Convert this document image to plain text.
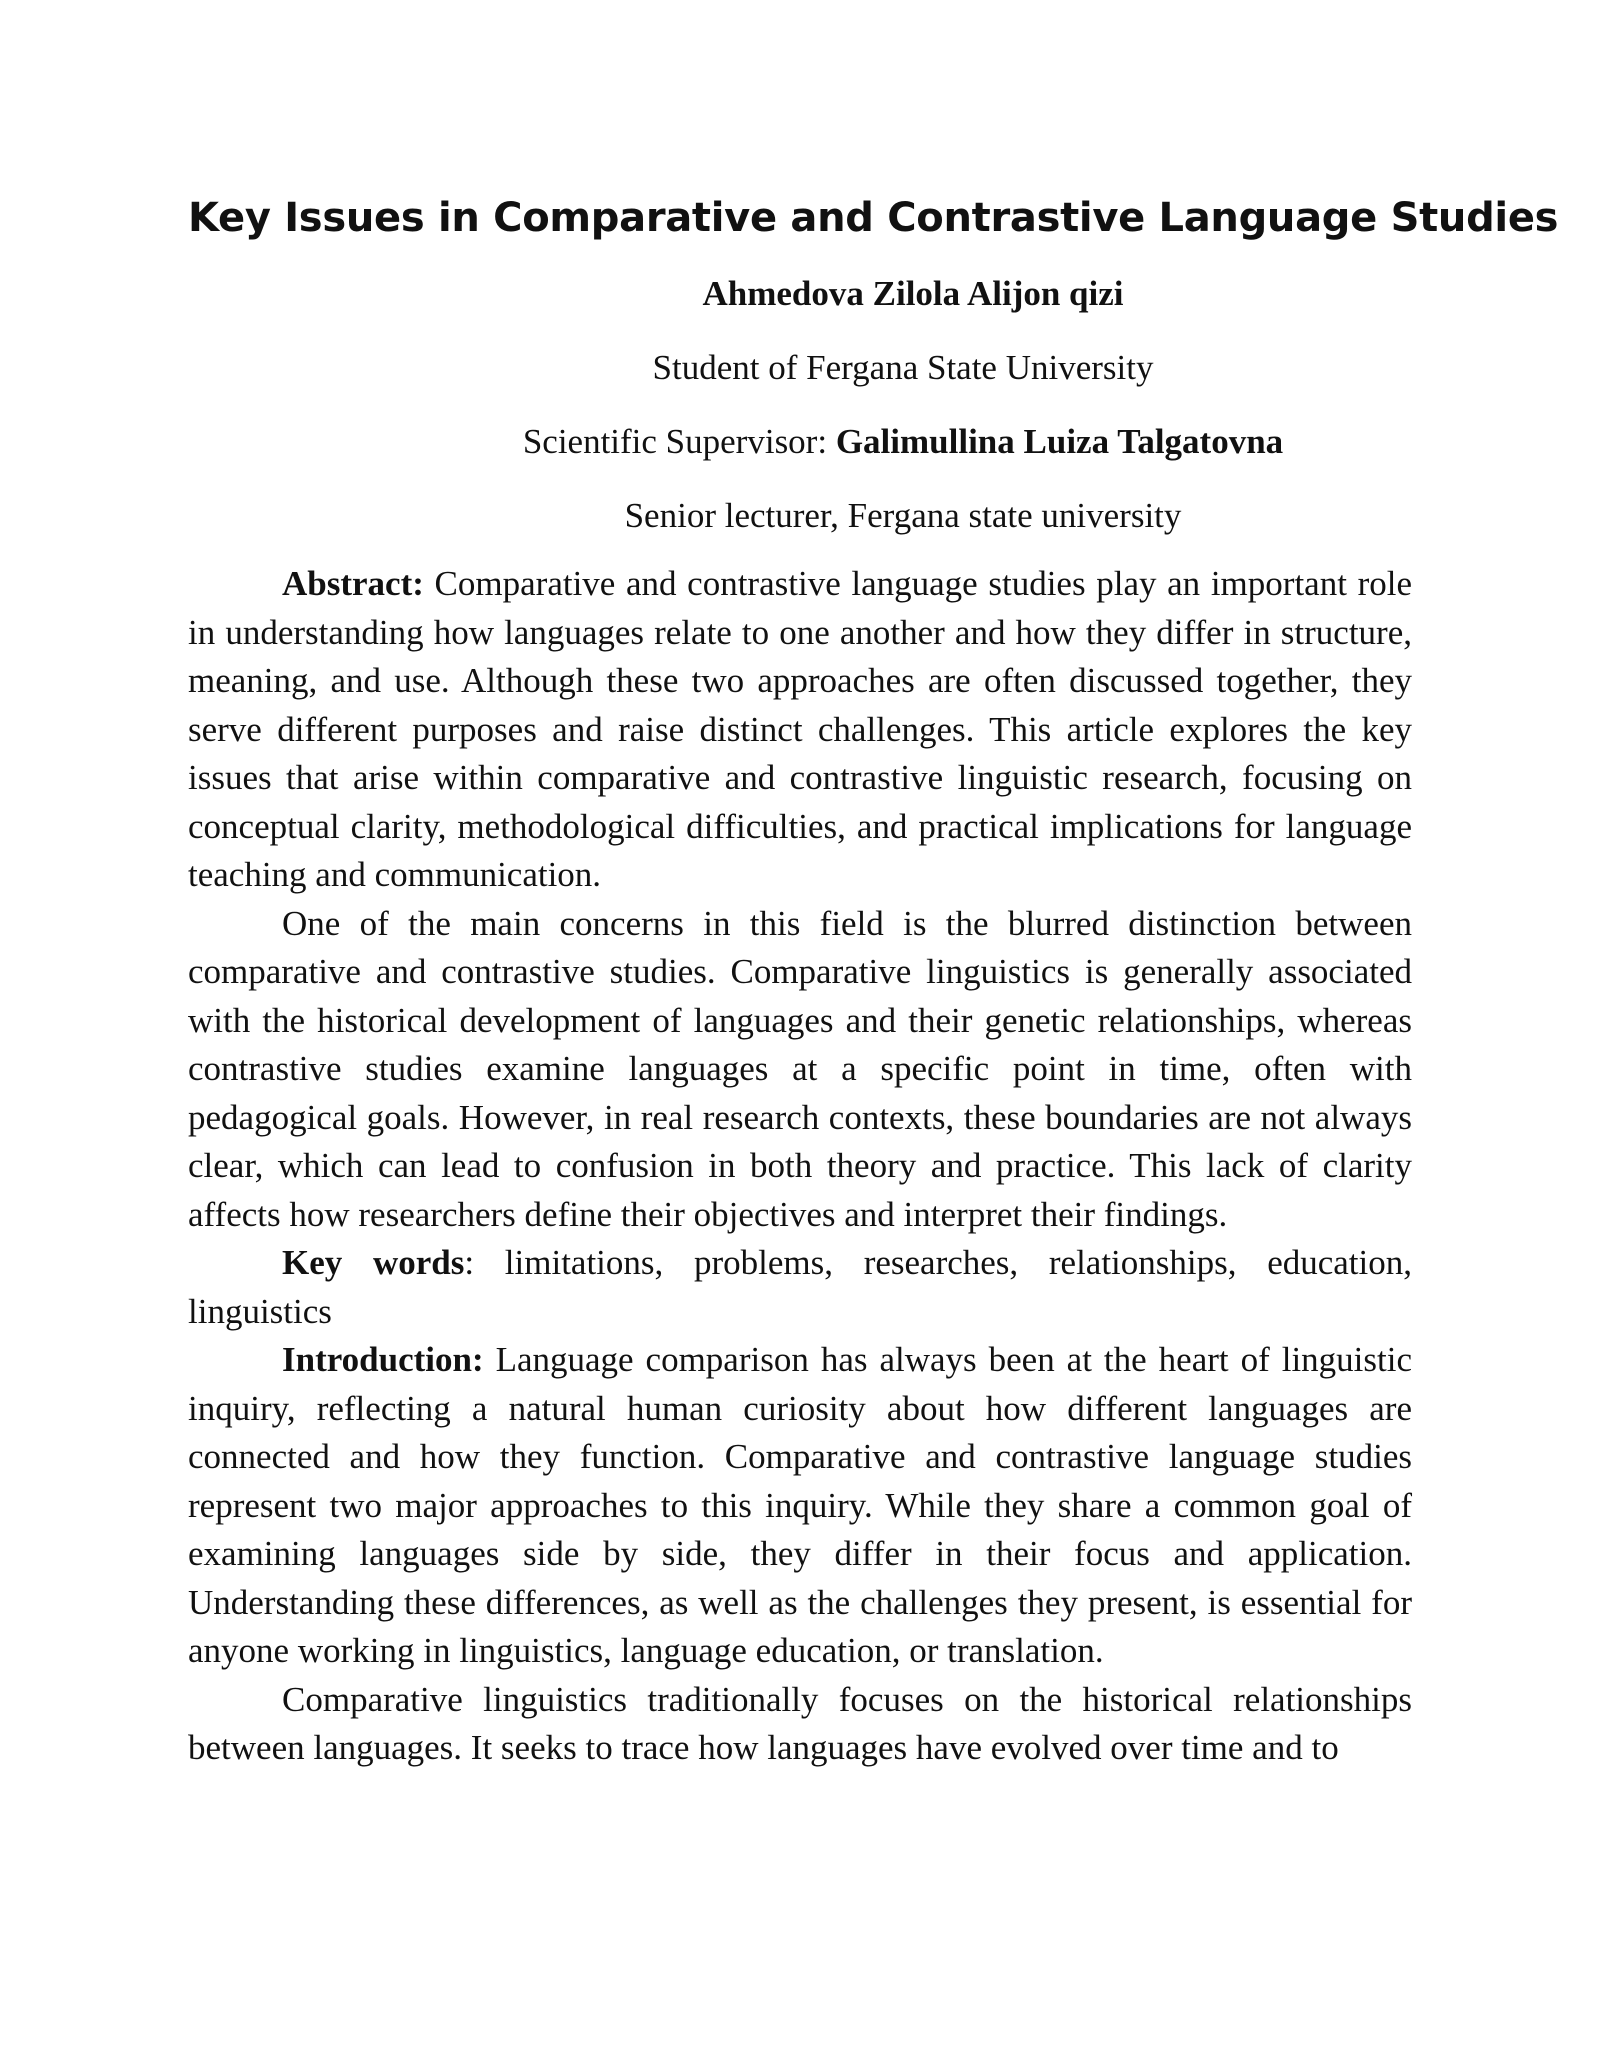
Key Issues in Comparative and Contrastive Language Studies

Ahmedova Zilola Alijon qizi

Student of Fergana State University

Scientific Supervisor: Galimullina Luiza Talgatovna

Senior lecturer, Fergana state university

Abstract: Comparative and contrastive language studies play an important role in understanding how languages relate to one another and how they differ in structure, meaning, and use. Although these two approaches are often discussed together, they serve different purposes and raise distinct challenges. This article explores the key issues that arise within comparative and contrastive linguistic research, focusing on conceptual clarity, methodological difficulties, and practical implications for language teaching and communication.

One of the main concerns in this field is the blurred distinction between comparative and contrastive studies. Comparative linguistics is generally associated with the historical development of languages and their genetic relationships, whereas contrastive studies examine languages at a specific point in time, often with pedagogical goals. However, in real research contexts, these boundaries are not always clear, which can lead to confusion in both theory and practice. This lack of clarity affects how researchers define their objectives and interpret their findings.

Key words: limitations, problems, researches, relationships, education, linguistics

Introduction: Language comparison has always been at the heart of linguistic inquiry, reflecting a natural human curiosity about how different languages are connected and how they function. Comparative and contrastive language studies represent two major approaches to this inquiry. While they share a common goal of examining languages side by side, they differ in their focus and application. Understanding these differences, as well as the challenges they present, is essential for anyone working in linguistics, language education, or translation.

Comparative linguistics traditionally focuses on the historical relationships between languages. It seeks to trace how languages have evolved over time and to
